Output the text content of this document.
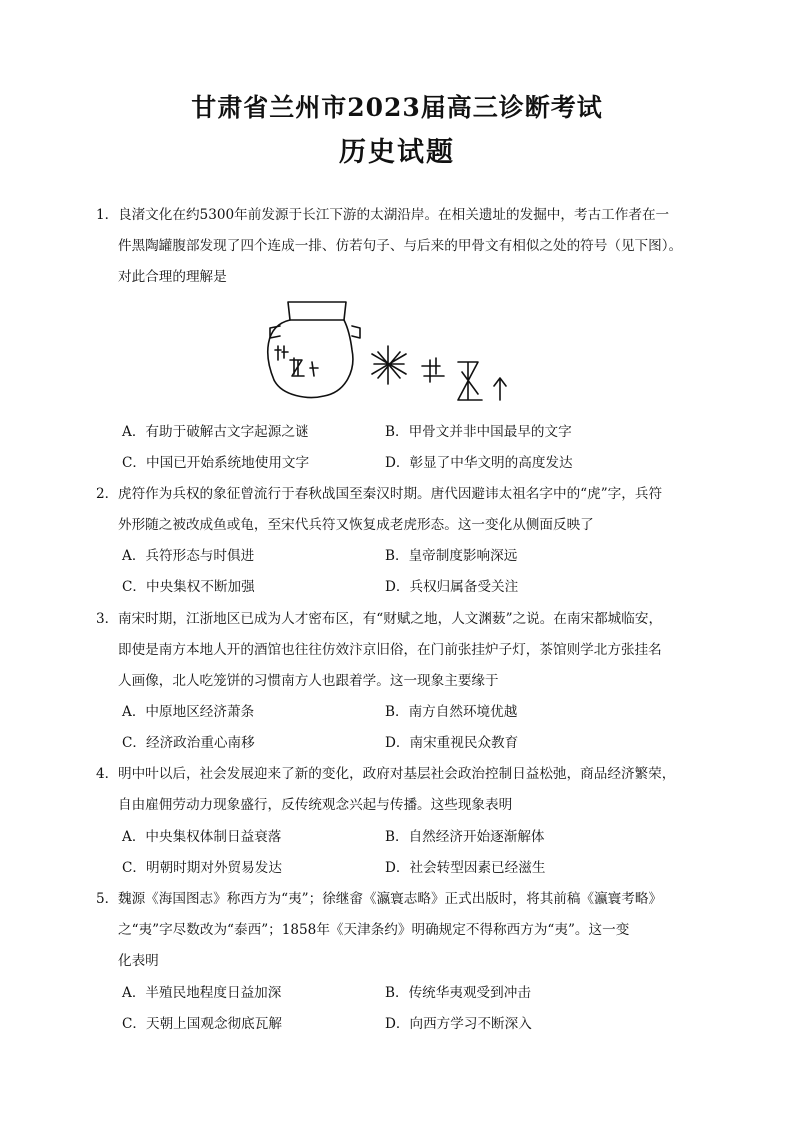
甘肃省兰州市2023届高三诊断考试
历史试题
1． 良渚文化在约5300年前发源于长江下游的太湖沿岸。在相关遗址的发掘中，考古工作者在一
件黑陶罐腹部发现了四个连成一排、仿若句子、与后来的甲骨文有相似之处的符号（见下图）。
对此合理的理解是
A．有助于破解古文字起源之谜	B．甲骨文并非中国最早的文字
C．中国已开始系统地使用文字	D．彰显了中华文明的高度发达
2． 虎符作为兵权的象征曾流行于春秋战国至秦汉时期。唐代因避讳太祖名字中的“虎”字，兵符
外形随之被改成鱼或龟，至宋代兵符又恢复成老虎形态。这一变化从侧面反映了
A．兵符形态与时俱进	B．皇帝制度影响深远
C．中央集权不断加强	D．兵权归属备受关注
3． 南宋时期，江浙地区已成为人才密布区，有“财赋之地，人文渊薮”之说。在南宋都城临安，
即使是南方本地人开的酒馆也往往仿效汴京旧俗，在门前张挂炉子灯，茶馆则学北方张挂名
人画像，北人吃笼饼的习惯南方人也跟着学。这一现象主要缘于
A．中原地区经济萧条	B．南方自然环境优越
C．经济政治重心南移	D．南宋重视民众教育
4． 明中叶以后，社会发展迎来了新的变化，政府对基层社会政治控制日益松弛，商品经济繁荣，
自由雇佣劳动力现象盛行，反传统观念兴起与传播。这些现象表明
A．中央集权体制日益衰落	B．自然经济开始逐渐解体
C．明朝时期对外贸易发达	D．社会转型因素已经滋生
5． 魏源《海国图志》称西方为“夷”；徐继畲《瀛寰志略》正式出版时，将其前稿《瀛寰考略》
之“夷”字尽数改为“泰西”；1858年《天津条约》明确规定不得称西方为“夷”。这一变
化表明
A．半殖民地程度日益加深	B．传统华夷观受到冲击
C．天朝上国观念彻底瓦解	D．向西方学习不断深入
